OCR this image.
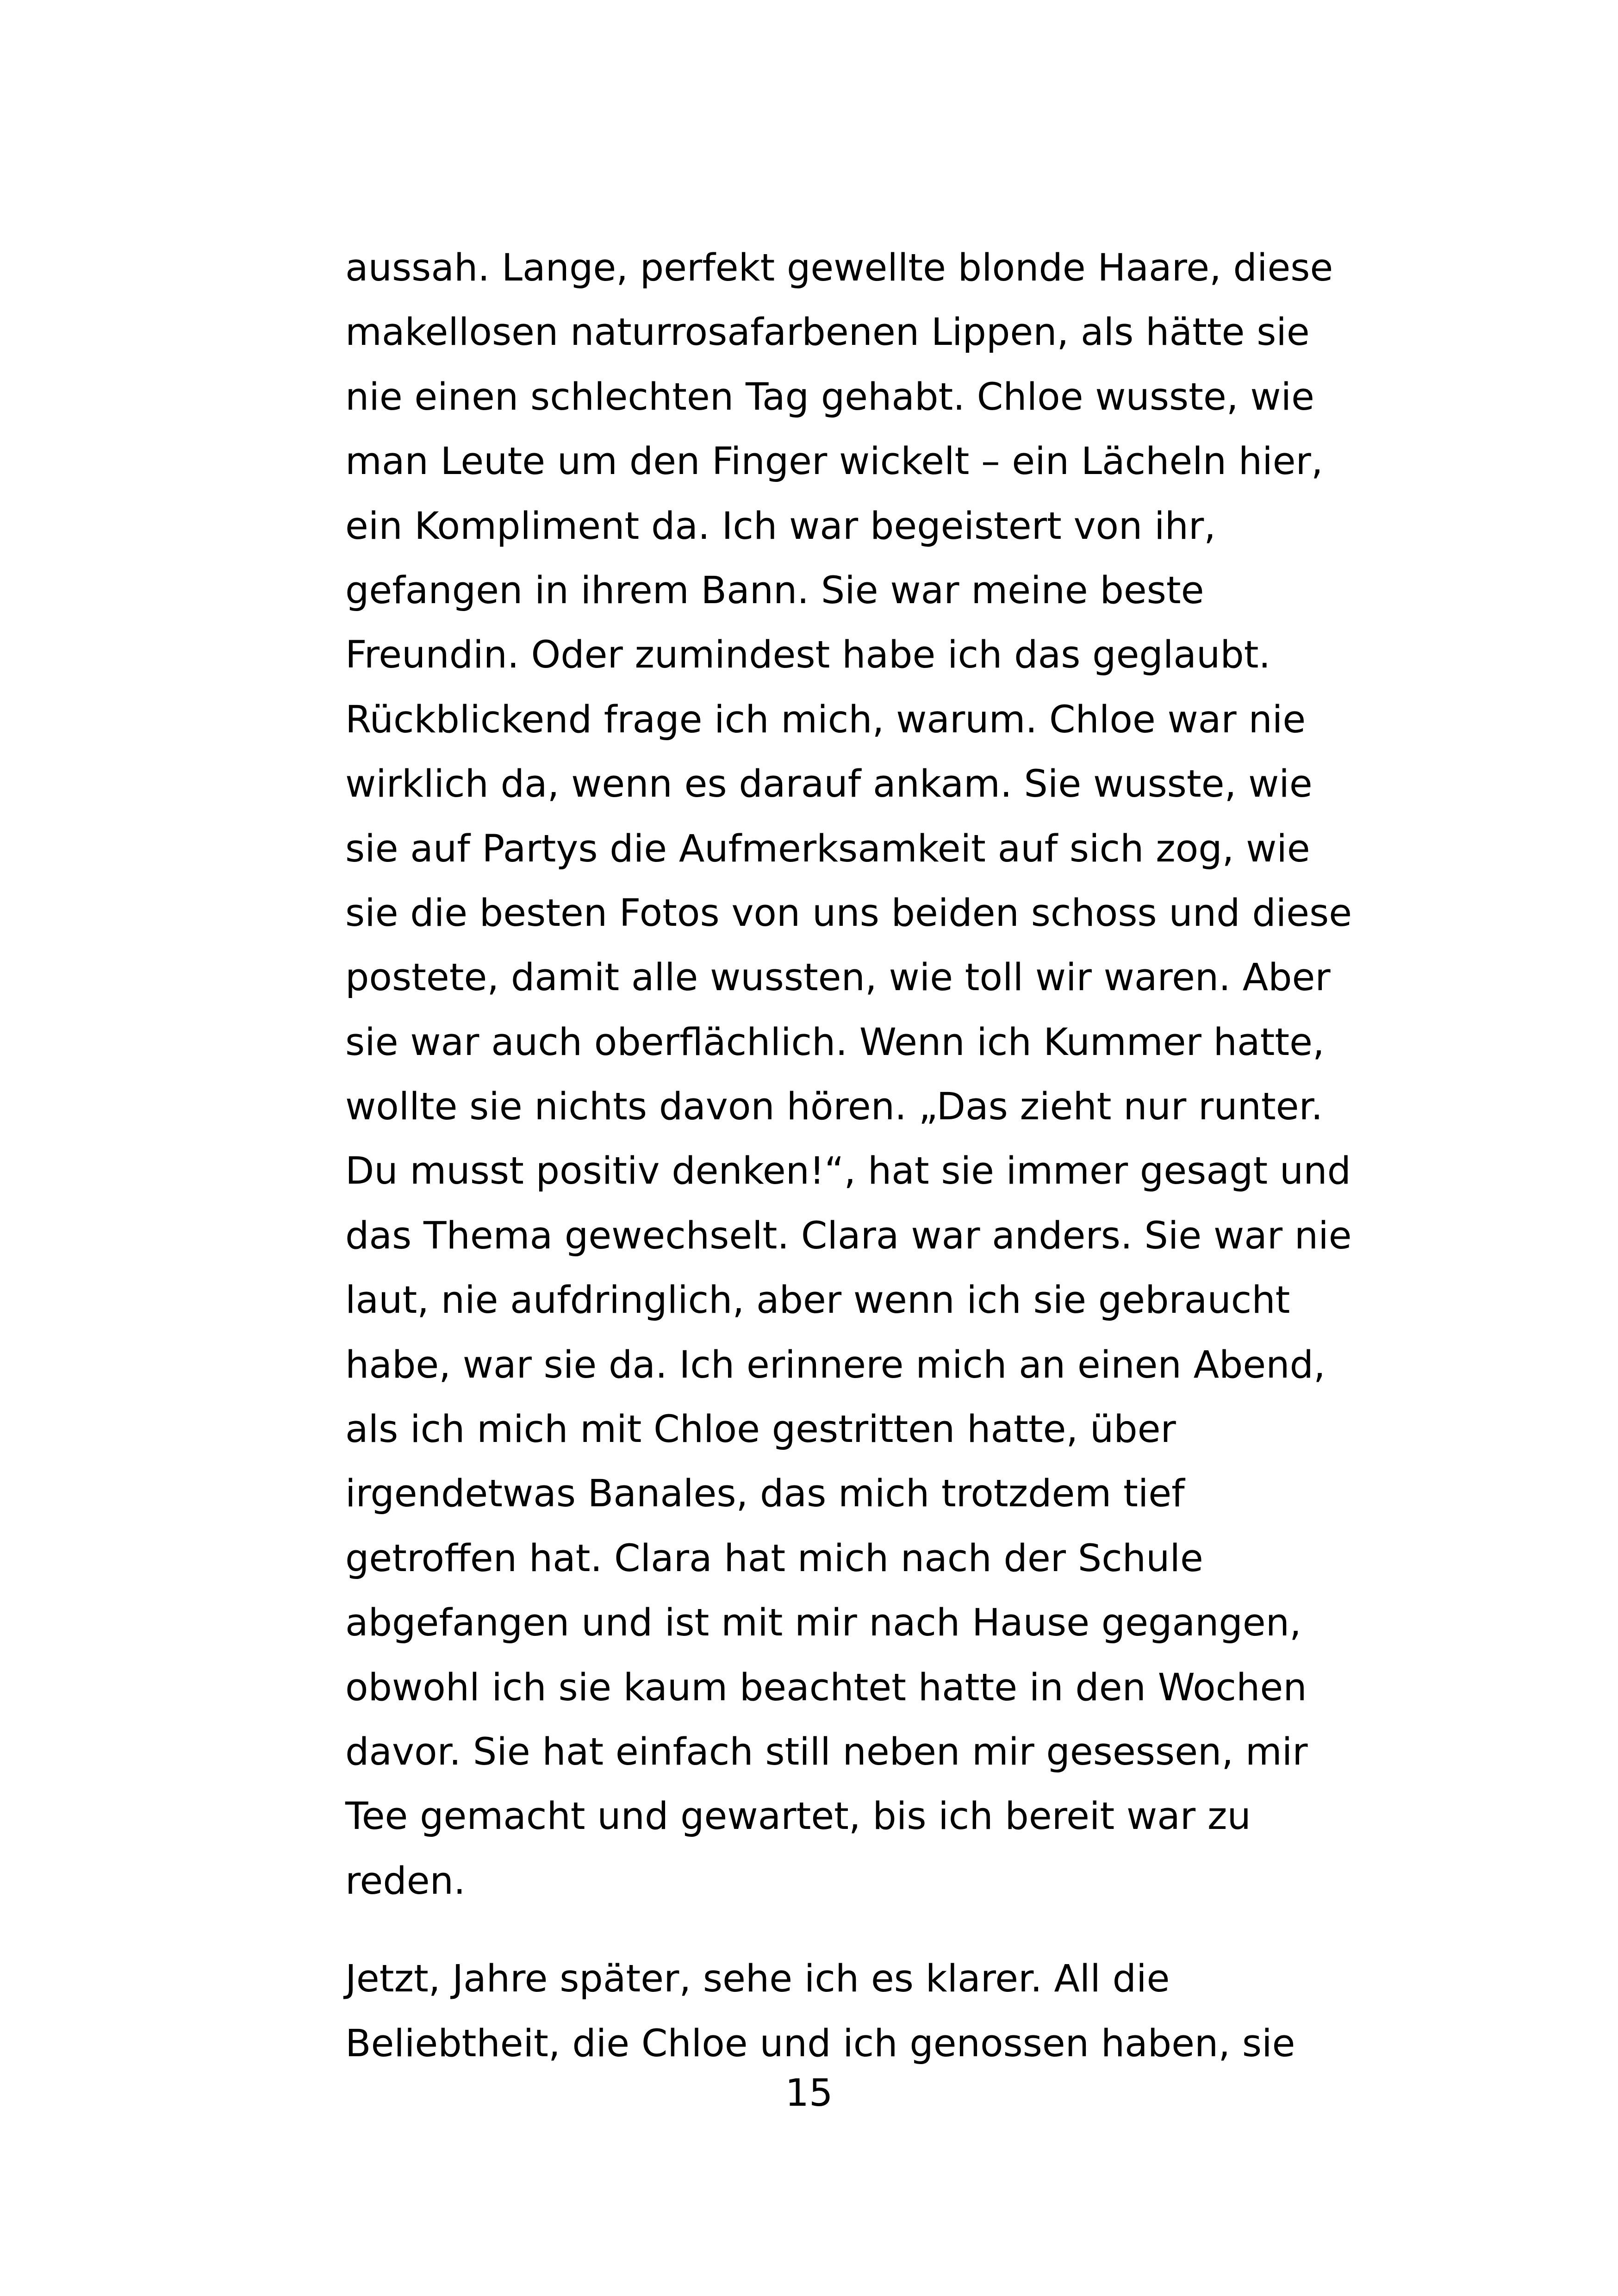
aussah. Lange, perfekt gewellte blonde Haare, diese
makellosen naturrosafarbenen Lippen, als hätte sie
nie einen schlechten Tag gehabt. Chloe wusste, wie
man Leute um den Finger wickelt – ein Lächeln hier,
ein Kompliment da. Ich war begeistert von ihr,
gefangen in ihrem Bann. Sie war meine beste
Freundin. Oder zumindest habe ich das geglaubt.
Rückblickend frage ich mich, warum. Chloe war nie
wirklich da, wenn es darauf ankam. Sie wusste, wie
sie auf Partys die Aufmerksamkeit auf sich zog, wie
sie die besten Fotos von uns beiden schoss und diese
postete, damit alle wussten, wie toll wir waren. Aber
sie war auch oberflächlich. Wenn ich Kummer hatte,
wollte sie nichts davon hören. „Das zieht nur runter.
Du musst positiv denken!“, hat sie immer gesagt und
das Thema gewechselt. Clara war anders. Sie war nie
laut, nie aufdringlich, aber wenn ich sie gebraucht
habe, war sie da. Ich erinnere mich an einen Abend,
als ich mich mit Chloe gestritten hatte, über
irgendetwas Banales, das mich trotzdem tief
getroffen hat. Clara hat mich nach der Schule
abgefangen und ist mit mir nach Hause gegangen,
obwohl ich sie kaum beachtet hatte in den Wochen
davor. Sie hat einfach still neben mir gesessen, mir
Tee gemacht und gewartet, bis ich bereit war zu
reden.
Jetzt, Jahre später, sehe ich es klarer. All die
Beliebtheit, die Chloe und ich genossen haben, sie
15
